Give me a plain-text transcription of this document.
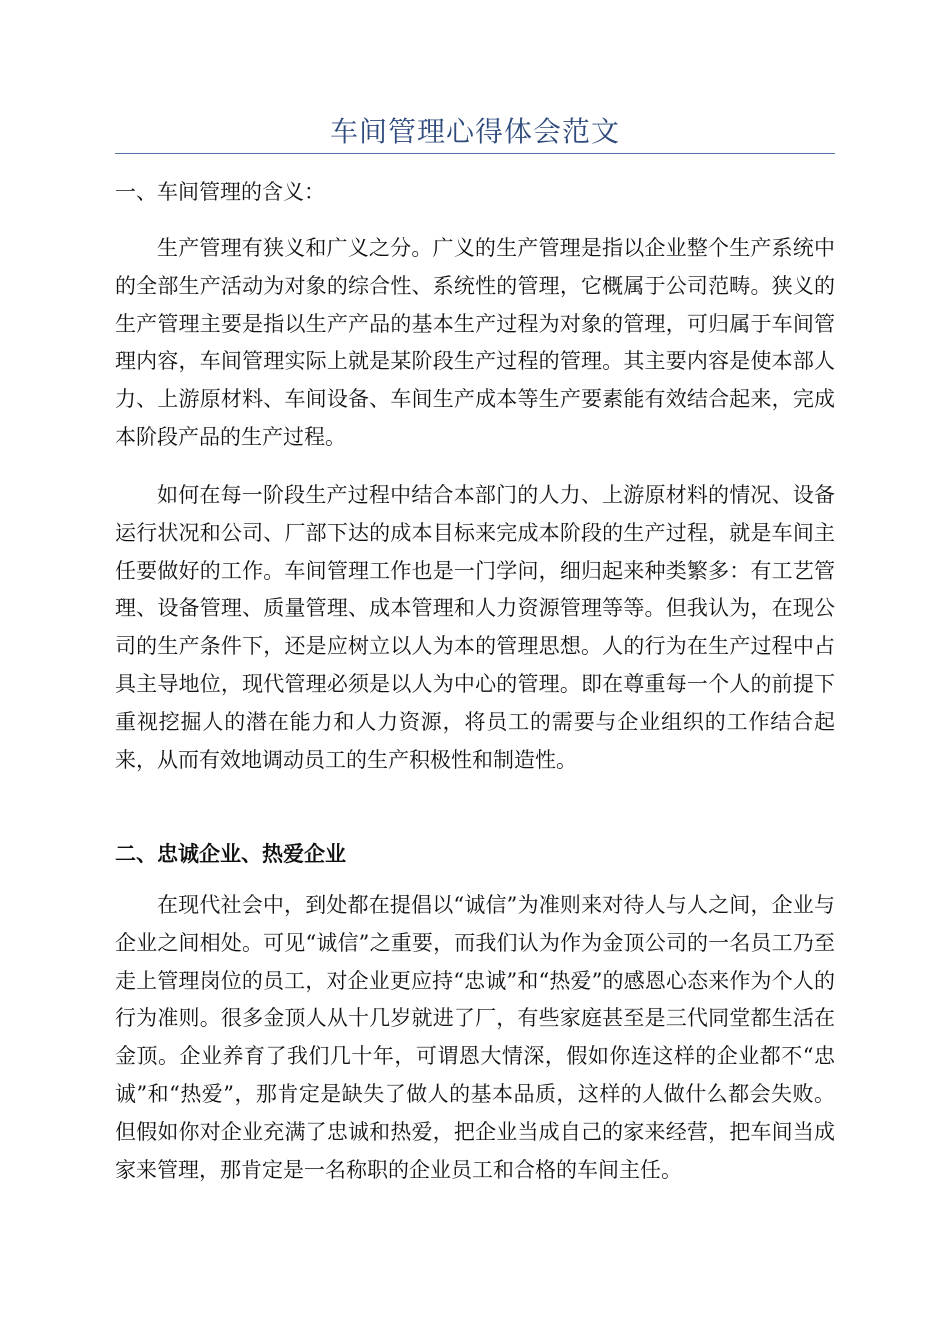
车间管理心得体会范文
一、车间管理的含义：
生产管理有狭义和广义之分。广义的生产管理是指以企业整个生产系统中的全部生产活动为对象的综合性、系统性的管理，它概属于公司范畴。狭义的生产管理主要是指以生产产品的基本生产过程为对象的管理，可归属于车间管理内容，车间管理实际上就是某阶段生产过程的管理。其主要内容是使本部人力、上游原材料、车间设备、车间生产成本等生产要素能有效结合起来，完成本阶段产品的生产过程。
如何在每一阶段生产过程中结合本部门的人力、上游原材料的情况、设备运行状况和公司、厂部下达的成本目标来完成本阶段的生产过程，就是车间主任要做好的工作。车间管理工作也是一门学问，细归起来种类繁多：有工艺管理、设备管理、质量管理、成本管理和人力资源管理等等。但我认为，在现公司的生产条件下，还是应树立以人为本的管理思想。人的行为在生产过程中占具主导地位，现代管理必须是以人为中心的管理。即在尊重每一个人的前提下重视挖掘人的潜在能力和人力资源，将员工的需要与企业组织的工作结合起来，从而有效地调动员工的生产积极性和制造性。
二、忠诚企业、热爱企业
在现代社会中，到处都在提倡以“诚信”为准则来对待人与人之间，企业与企业之间相处。可见“诚信”之重要，而我们认为作为金顶公司的一名员工乃至走上管理岗位的员工，对企业更应持“忠诚”和“热爱”的感恩心态来作为个人的行为准则。很多金顶人从十几岁就进了厂，有些家庭甚至是三代同堂都生活在金顶。企业养育了我们几十年，可谓恩大情深，假如你连这样的企业都不“忠诚”和“热爱”，那肯定是缺失了做人的基本品质，这样的人做什么都会失败。但假如你对企业充满了忠诚和热爱，把企业当成自己的家来经营，把车间当成家来管理，那肯定是一名称职的企业员工和合格的车间主任。
